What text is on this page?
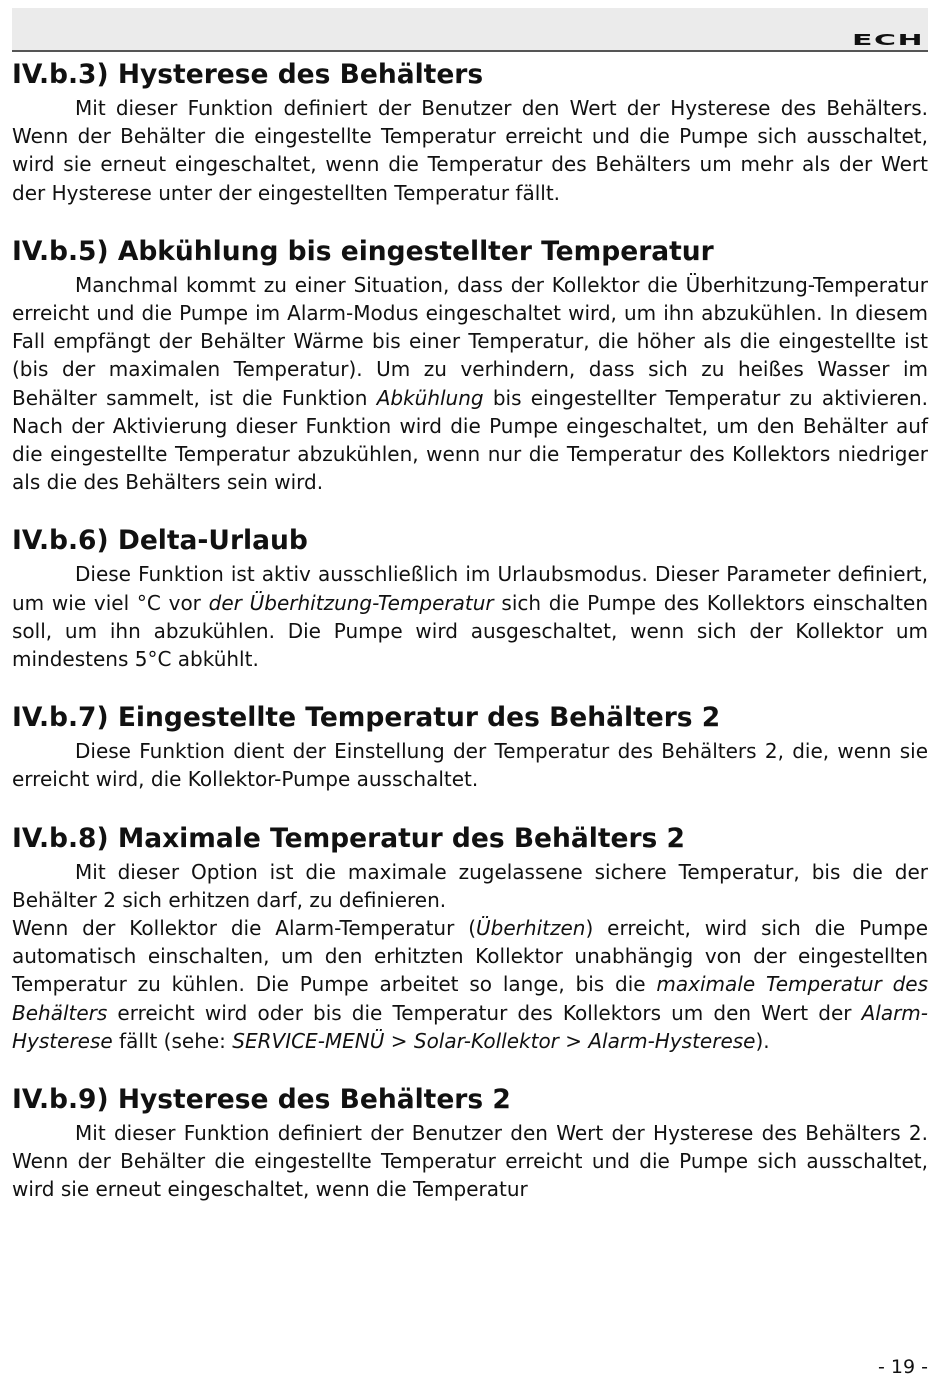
ECH
IV.b.3) Hysterese des Behälters

Mit dieser Funktion definiert der Benutzer den Wert der Hysterese des Behälters. Wenn der Behälter die eingestellte Temperatur erreicht und die Pumpe sich ausschaltet, wird sie erneut eingeschaltet, wenn die Temperatur des Behälters um mehr als der Wert der Hysterese unter der eingestellten Temperatur fällt.

IV.b.5) Abkühlung bis eingestellter Temperatur

Manchmal kommt zu einer Situation, dass der Kollektor die Überhitzung-Temperatur erreicht und die Pumpe im Alarm-Modus eingeschaltet wird, um ihn abzukühlen. In diesem Fall empfängt der Behälter Wärme bis einer Temperatur, die höher als die eingestellte ist (bis der maximalen Temperatur). Um zu verhindern, dass sich zu heißes Wasser im Behälter sammelt, ist die Funktion Abkühlung bis eingestellter Temperatur zu aktivieren. Nach der Aktivierung dieser Funktion wird die Pumpe eingeschaltet, um den Behälter auf die eingestellte Temperatur abzukühlen, wenn nur die Temperatur des Kollektors niedriger als die des Behälters sein wird.

IV.b.6) Delta-Urlaub

Diese Funktion ist aktiv ausschließlich im Urlaubsmodus. Dieser Parameter definiert, um wie viel °C vor der Überhitzung-Temperatur sich die Pumpe des Kollektors einschalten soll, um ihn abzukühlen. Die Pumpe wird ausgeschaltet, wenn sich der Kollektor um mindestens 5°C abkühlt.

IV.b.7) Eingestellte Temperatur des Behälters 2

Diese Funktion dient der Einstellung der Temperatur des Behälters 2, die, wenn sie erreicht wird, die Kollektor-Pumpe ausschaltet.

IV.b.8) Maximale Temperatur des Behälters 2

Mit dieser Option ist die maximale zugelassene sichere Temperatur, bis die der Behälter 2 sich erhitzen darf, zu definieren.

Wenn der Kollektor die Alarm-Temperatur (Überhitzen) erreicht, wird sich die Pumpe automatisch einschalten, um den erhitzten Kollektor unabhängig von der eingestellten Temperatur zu kühlen. Die Pumpe arbeitet so lange, bis die maximale Temperatur des Behälters erreicht wird oder bis die Temperatur des Kollektors um den Wert der Alarm-Hysterese fällt (sehe: SERVICE-MENÜ > Solar-Kollektor > Alarm-Hysterese).

IV.b.9) Hysterese des Behälters 2

Mit dieser Funktion definiert der Benutzer den Wert der Hysterese des Behälters 2. Wenn der Behälter die eingestellte Temperatur erreicht und die Pumpe sich ausschaltet, wird sie erneut eingeschaltet, wenn die Temperatur

- 19 -
